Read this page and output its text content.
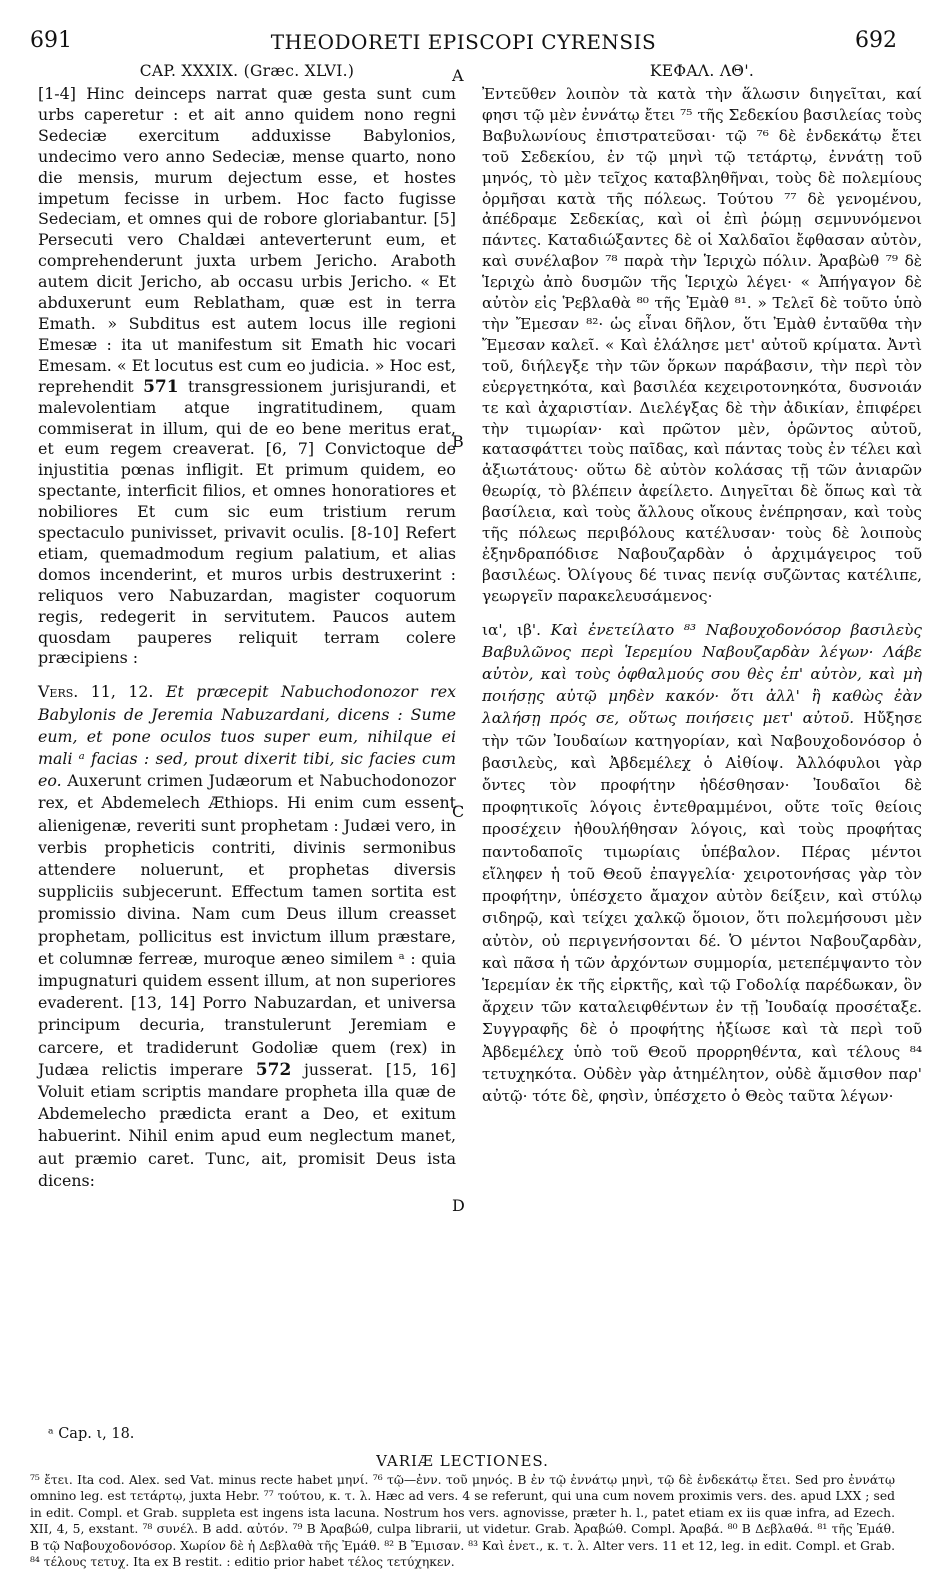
691	THEODORETI EPISCOPI CYRENSIS	692
A
B
C
D
CAP. XXXIX. (Græc. XLVI.)

[1-4] Hinc deinceps narrat quæ gesta sunt cum urbs caperetur : et ait anno quidem nono regni Sedeciæ exercitum adduxisse Babylonios, undecimo vero anno Sedeciæ, mense quarto, nono die mensis, murum dejectum esse, et hostes impetum fecisse in urbem. Hoc facto fugisse Sedeciam, et omnes qui de robore gloriabantur. [5] Persecuti vero Chaldæi anteverterunt eum, et comprehenderunt juxta urbem Jericho. Araboth autem dicit Jericho, ab occasu urbis Jericho. « Et abduxerunt eum Reblatham, quæ est in terra Emath. » Subditus est autem locus ille regioni Emesæ : ita ut manifestum sit Emath hic vocari Emesam. « Et locutus est cum eo judicia. » Hoc est, reprehendit 571 transgressionem jurisjurandi, et malevolentiam atque ingratitudinem, quam commiserat in illum, qui de eo bene meritus erat, et eum regem creaverat. [6, 7] Convictoque de injustitia pœnas infligit. Et primum quidem, eo spectante, interficit filios, et omnes honoratiores et nobiliores Et cum sic eum tristium rerum spectaculo punivisset, privavit oculis. [8-10] Refert etiam, quemadmodum regium palatium, et alias domos incenderint, et muros urbis destruxerint : reliquos vero Nabuzardan, magister coquorum regis, redegerit in servitutem. Paucos autem quosdam pauperes reliquit terram colere præcipiens :

Vers. 11, 12. Et præcepit Nabuchodonozor rex Babylonis de Jeremia Nabuzardani, dicens : Sume eum, et pone oculos tuos super eum, nihilque ei mali ᵃ facias : sed, prout dixerit tibi, sic facies cum eo. Auxerunt crimen Judæorum et Nabuchodonozor rex, et Abdemelech Æthiops. Hi enim cum essent alienigenæ, reveriti sunt prophetam : Judæi vero, in verbis propheticis contriti, divinis sermonibus attendere noluerunt, et prophetas diversis suppliciis subjecerunt. Effectum tamen sortita est promissio divina. Nam cum Deus illum creasset prophetam, pollicitus est invictum illum præstare, et columnæ ferreæ, muroque æneo similem ᵃ : quia impugnaturi quidem essent illum, at non superiores evaderent. [13, 14] Porro Nabuzardan, et universa principum decuria, transtulerunt Jeremiam e carcere, et tradiderunt Godoliæ quem (rex) in Judæa relictis imperare 572 jusserat. [15, 16] Voluit etiam scriptis mandare propheta illa quæ de Abdemelecho prædicta erant a Deo, et exitum habuerint. Nihil enim apud eum neglectum manet, aut præmio caret. Tunc, ait, promisit Deus ista dicens:

ΚΕΦΑΛ. ΛΘ'.

Ἐντεῦθεν λοιπὸν τὰ κατὰ τὴν ἅλωσιν διηγεῖται, καί φησι τῷ μὲν ἐννάτῳ ἔτει ⁷⁵ τῆς Σεδεκίου βασιλείας τοὺς Βαβυλωνίους ἐπιστρατεῦσαι· τῷ ⁷⁶ δὲ ἑνδεκάτῳ ἔτει τοῦ Σεδεκίου, ἐν τῷ μηνὶ τῷ τετάρτῳ, ἐννάτῃ τοῦ μηνός, τὸ μὲν τεῖχος καταβληθῆναι, τοὺς δὲ πολεμίους ὁρμῆσαι κατὰ τῆς πόλεως. Τούτου ⁷⁷ δὲ γενομένου, ἀπέδραμε Σεδεκίας, καὶ οἱ ἐπὶ ῥώμῃ σεμνυνόμενοι πάντες. Καταδιώξαντες δὲ οἱ Χαλδαῖοι ἔφθασαν αὐτὸν, καὶ συνέλαβον ⁷⁸ παρὰ τὴν Ἱεριχὼ πόλιν. Ἀραβὼθ ⁷⁹ δὲ Ἱεριχὼ ἀπὸ δυσμῶν τῆς Ἱεριχὼ λέγει· « Ἀπήγαγον δὲ αὐτὸν εἰς Ῥεβλαθὰ ⁸⁰ τῆς Ἐμὰθ ⁸¹. » Τελεῖ δὲ τοῦτο ὑπὸ τὴν Ἔμεσαν ⁸²· ὡς εἶναι δῆλον, ὅτι Ἐμὰθ ἐνταῦθα τὴν Ἔμεσαν καλεῖ. « Καὶ ἐλάλησε μετ' αὐτοῦ κρίματα. Ἀντὶ τοῦ, διήλεγξε τὴν τῶν ὅρκων παράβασιν, τὴν περὶ τὸν εὐεργετηκότα, καὶ βασιλέα κεχειροτονηκότα, δυσνοιάν τε καὶ ἀχαριστίαν. Διελέγξας δὲ τὴν ἀδικίαν, ἐπιφέρει τὴν τιμωρίαν· καὶ πρῶτον μὲν, ὁρῶντος αὐτοῦ, κατασφάττει τοὺς παῖδας, καὶ πάντας τοὺς ἐν τέλει καὶ ἀξιωτάτους· οὕτω δὲ αὐτὸν κολάσας τῇ τῶν ἀνιαρῶν θεωρίᾳ, τὸ βλέπειν ἀφείλετο. Διηγεῖται δὲ ὅπως καὶ τὰ βασίλεια, καὶ τοὺς ἄλλους οἴκους ἐνέπρησαν, καὶ τοὺς τῆς πόλεως περιβόλους κατέλυσαν· τοὺς δὲ λοιποὺς ἐξηνδραπόδισε Ναβουζαρδὰν ὁ ἀρχιμάγειρος τοῦ βασιλέως. Ὀλίγους δέ τινας πενίᾳ συζῶντας κατέλιπε, γεωργεῖν παρακελευσάμενος·

ια', ιβ'. Καὶ ἐνετείλατο ⁸³ Ναβουχοδονόσορ βασιλεὺς Βαβυλῶνος περὶ Ἱερεμίου Ναβουζαρδὰν λέγων· Λάβε αὐτὸν, καὶ τοὺς ὀφθαλμούς σου θὲς ἐπ' αὐτὸν, καὶ μὴ ποιήσῃς αὐτῷ μηδὲν κακόν· ὅτι ἀλλ' ἢ καθὼς ἐὰν λαλήσῃ πρός σε, οὕτως ποιήσεις μετ' αὐτοῦ. Ηὔξησε τὴν τῶν Ἰουδαίων κατηγορίαν, καὶ Ναβουχοδονόσορ ὁ βασιλεὺς, καὶ Ἀβδεμέλεχ ὁ Αἰθίοψ. Ἀλλόφυλοι γὰρ ὄντες τὸν προφήτην ἠδέσθησαν· Ἰουδαῖοι δὲ προφητικοῖς λόγοις ἐντεθραμμένοι, οὔτε τοῖς θείοις προσέχειν ἠθουλήθησαν λόγοις, καὶ τοὺς προφήτας παντοδαποῖς τιμωρίαις ὑπέβαλον. Πέρας μέντοι εἴληφεν ἡ τοῦ Θεοῦ ἐπαγγελία· χειροτονήσας γὰρ τὸν προφήτην, ὑπέσχετο ἄμαχον αὐτὸν δείξειν, καὶ στύλῳ σιδηρῷ, καὶ τείχει χαλκῷ ὅμοιον, ὅτι πολεμήσουσι μὲν αὐτὸν, οὐ περιγενήσονται δέ. Ὁ μέντοι Ναβουζαρδὰν, καὶ πᾶσα ἡ τῶν ἀρχόντων συμμορία, μετεπέμψαντο τὸν Ἱερεμίαν ἐκ τῆς εἱρκτῆς, καὶ τῷ Γοδολίᾳ παρέδωκαν, ὃν ἄρχειν τῶν καταλειφθέντων ἐν τῇ Ἰουδαίᾳ προσέταξε. Συγγραφῆς δὲ ὁ προφήτης ἠξίωσε καὶ τὰ περὶ τοῦ Ἀβδεμέλεχ ὑπὸ τοῦ Θεοῦ προρρηθέντα, καὶ τέλους ⁸⁴ τετυχηκότα. Οὐδὲν γὰρ ἀτημέλητον, οὐδὲ ἄμισθον παρ' αὐτῷ· τότε δὲ, φησὶν, ὑπέσχετο ὁ Θεὸς ταῦτα λέγων·

ᵃ Cap. ι, 18.
VARIÆ LECTIONES.
⁷⁵ ἔτει. Ita cod. Alex. sed Vat. minus recte habet μηνί. ⁷⁶ τῷ—ἐνν. τοῦ μηνός. B ἐν τῷ ἐννάτῳ μηνὶ, τῷ δὲ ἑνδεκάτῳ ἔτει. Sed pro ἐννάτῳ omnino leg. est τετάρτῳ, juxta Hebr. ⁷⁷ τούτου, κ. τ. λ. Hæc ad vers. 4 se referunt, qui una cum novem proximis vers. des. apud LXX ; sed in edit. Compl. et Grab. suppleta est ingens ista lacuna. Nostrum hos vers. agnovisse, præter h. l., patet etiam ex iis quæ infra, ad Ezech. XII, 4, 5, exstant. ⁷⁸ συνέλ. B add. αὐτόν. ⁷⁹ B Ἀραβώθ, culpa librarii, ut videtur. Grab. Ἀραβώθ. Compl. Ἀραβά. ⁸⁰ B Δεβλαθά. ⁸¹ τῆς Ἐμάθ. B τῷ Ναβουχοδονόσορ. Χωρίον δὲ ἡ Δεβλαθὰ τῆς Ἐμάθ. ⁸² B Ἔμισαν. ⁸³ Καὶ ἐνετ., κ. τ. λ. Alter vers. 11 et 12, leg. in edit. Compl. et Grab. ⁸⁴ τέλους τετυχ. Ita ex B restit. : editio prior habet τέλος τετύχηκεν.
